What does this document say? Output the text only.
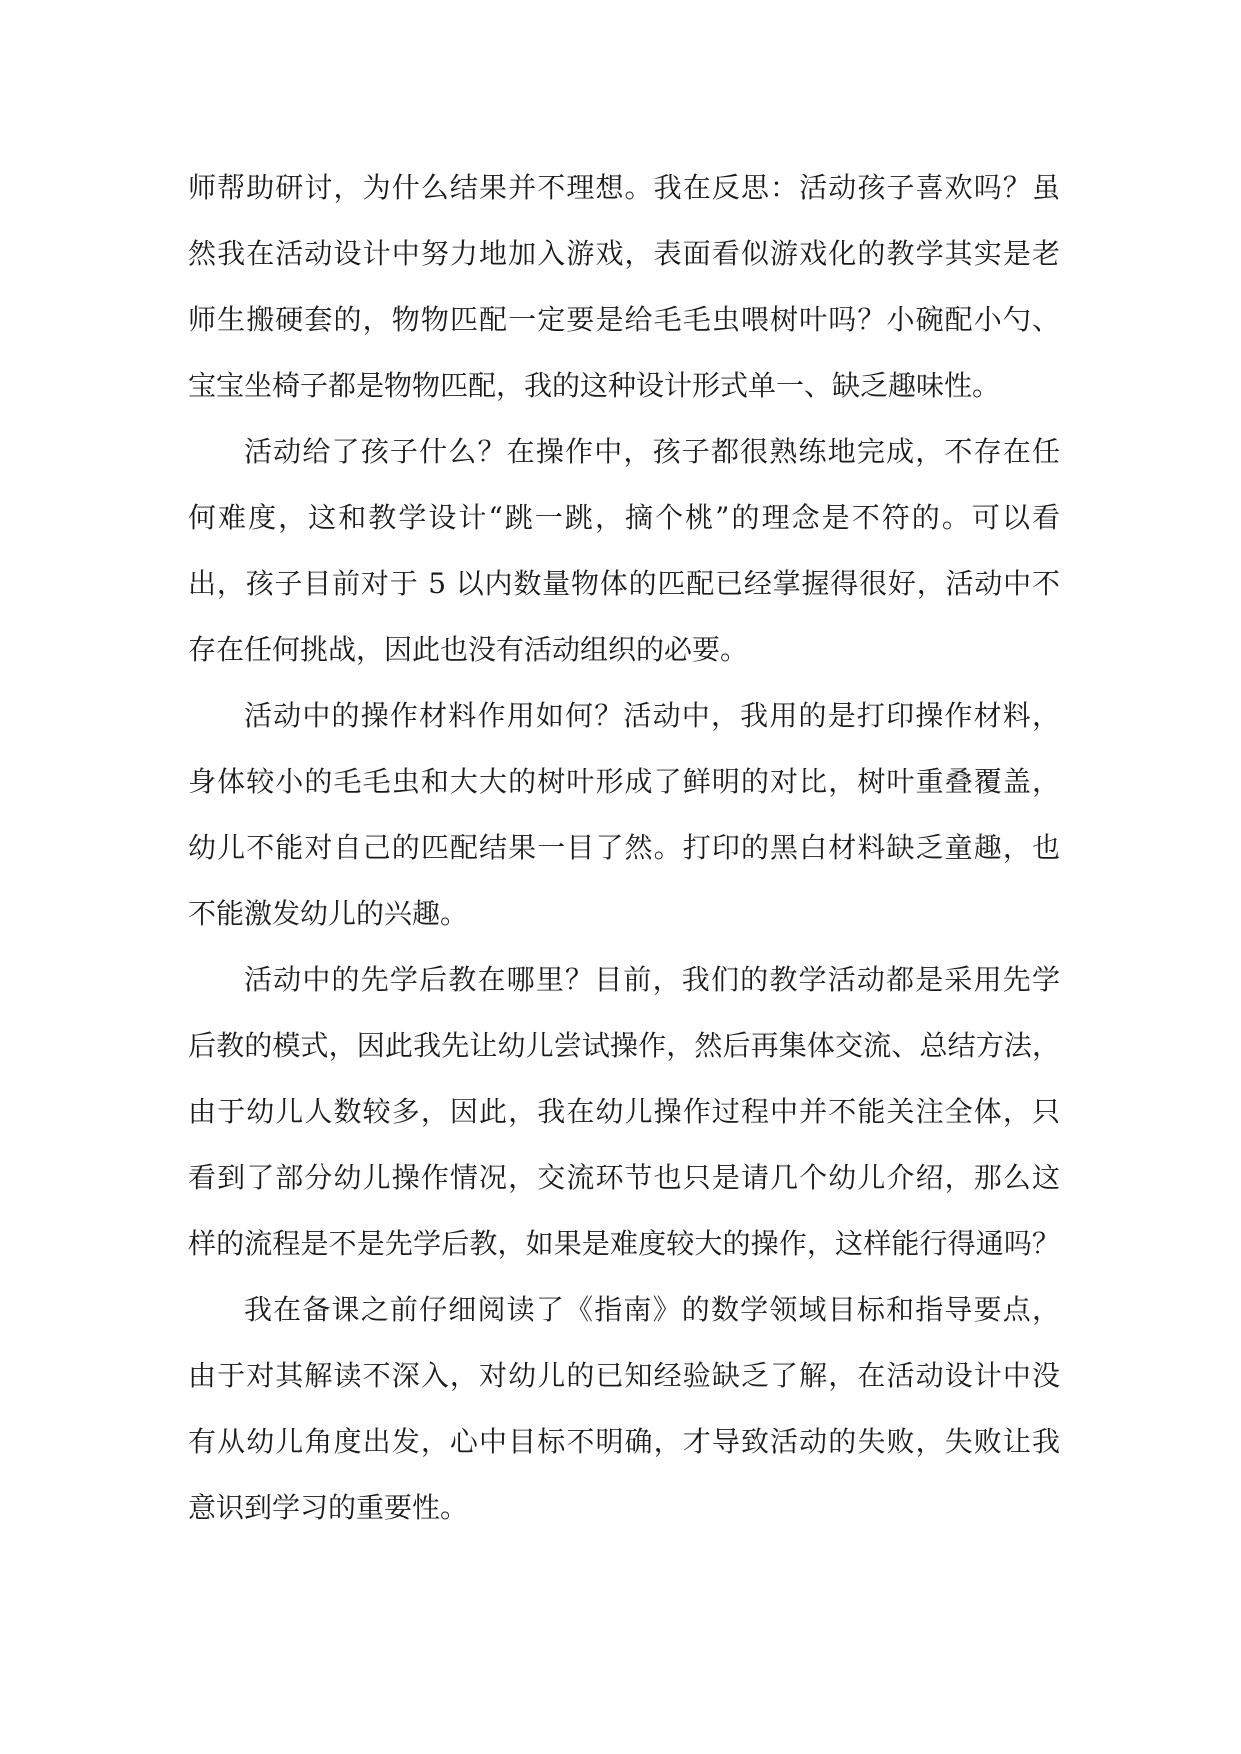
师帮助研讨，为什么结果并不理想。我在反思：活动孩子喜欢吗？虽
然我在活动设计中努力地加入游戏，表面看似游戏化的教学其实是老
师生搬硬套的，物物匹配一定要是给毛毛虫喂树叶吗？小碗配小勺、
宝宝坐椅子都是物物匹配，我的这种设计形式单一、缺乏趣味性。
活动给了孩子什么？在操作中，孩子都很熟练地完成，不存在任
何难度，这和教学设计“跳一跳，摘个桃”的理念是不符的。可以看
出，孩子目前对于 5 以内数量物体的匹配已经掌握得很好，活动中不
存在任何挑战，因此也没有活动组织的必要。
活动中的操作材料作用如何？活动中，我用的是打印操作材料，
身体较小的毛毛虫和大大的树叶形成了鲜明的对比，树叶重叠覆盖，
幼儿不能对自己的匹配结果一目了然。打印的黑白材料缺乏童趣，也
不能激发幼儿的兴趣。
活动中的先学后教在哪里？目前，我们的教学活动都是采用先学
后教的模式，因此我先让幼儿尝试操作，然后再集体交流、总结方法，
由于幼儿人数较多，因此，我在幼儿操作过程中并不能关注全体，只
看到了部分幼儿操作情况，交流环节也只是请几个幼儿介绍，那么这
样的流程是不是先学后教，如果是难度较大的操作，这样能行得通吗？
我在备课之前仔细阅读了《指南》的数学领域目标和指导要点，
由于对其解读不深入，对幼儿的已知经验缺乏了解，在活动设计中没
有从幼儿角度出发，心中目标不明确，才导致活动的失败，失败让我
意识到学习的重要性。
